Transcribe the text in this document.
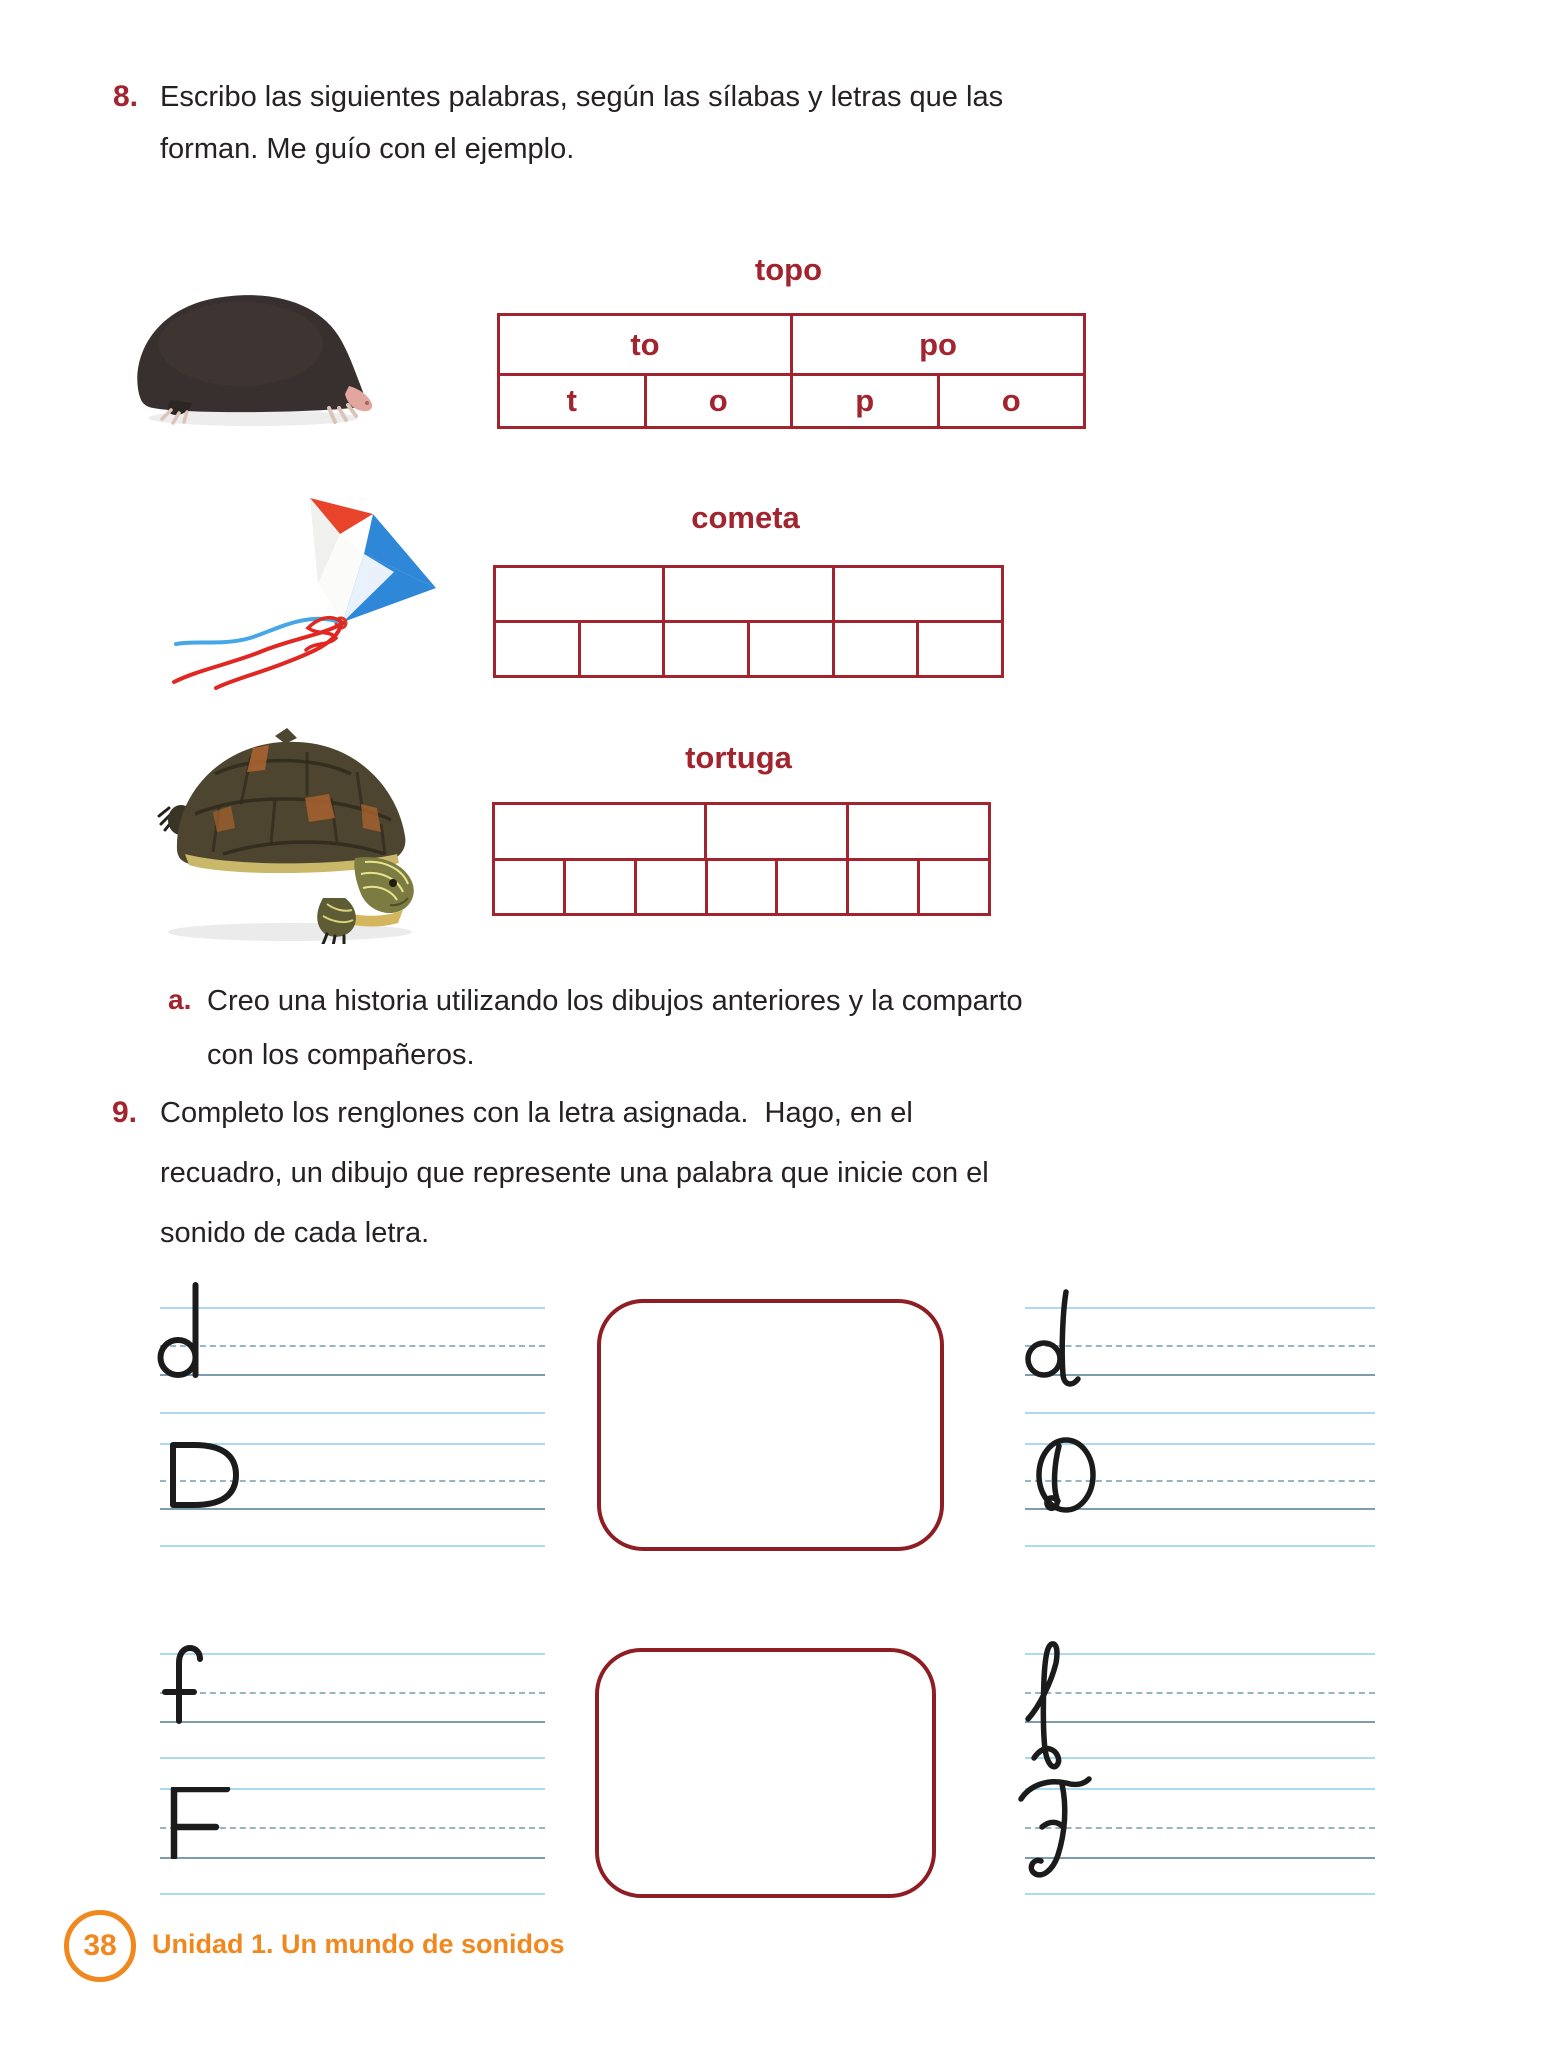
8. Escribo las siguientes palabras, según las sílabas y letras que las
forman. Me guío con el ejemplo.
topo
to	po
t	o	p	o
cometa
tortuga
a. Creo una historia utilizando los dibujos anteriores y la comparto
con los compañeros.
9. Completo los renglones con la letra asignada.  Hago, en el
recuadro, un dibujo que represente una palabra que inicie con el
sonido de cada letra.
38 Unidad 1. Un mundo de sonidos
